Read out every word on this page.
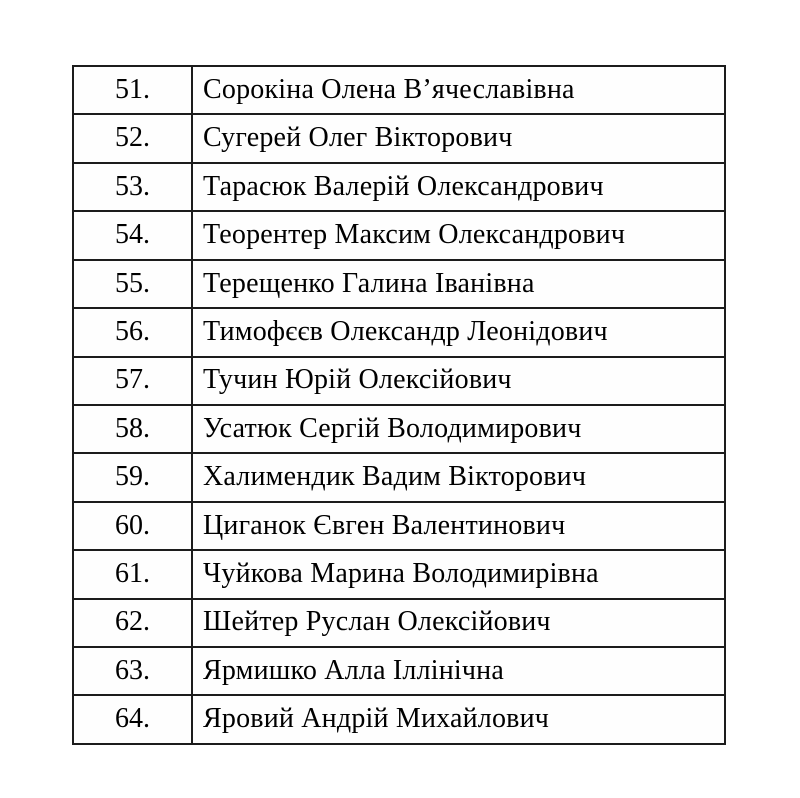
51.	Сорокіна Олена В’ячеславівна
52.	Сугерей Олег Вікторович
53.	Тарасюк Валерій Олександрович
54.	Теорентер Максим Олександрович
55.	Терещенко Галина Іванівна
56.	Тимофєєв Олександр Леонідович
57.	Тучин Юрій Олексійович
58.	Усатюк Сергій Володимирович
59.	Халимендик Вадим Вікторович
60.	Циганок Євген Валентинович
61.	Чуйкова Марина Володимирівна
62.	Шейтер Руслан Олексійович
63.	Ярмишко Алла Іллінічна
64.	Яровий Андрій Михайлович
